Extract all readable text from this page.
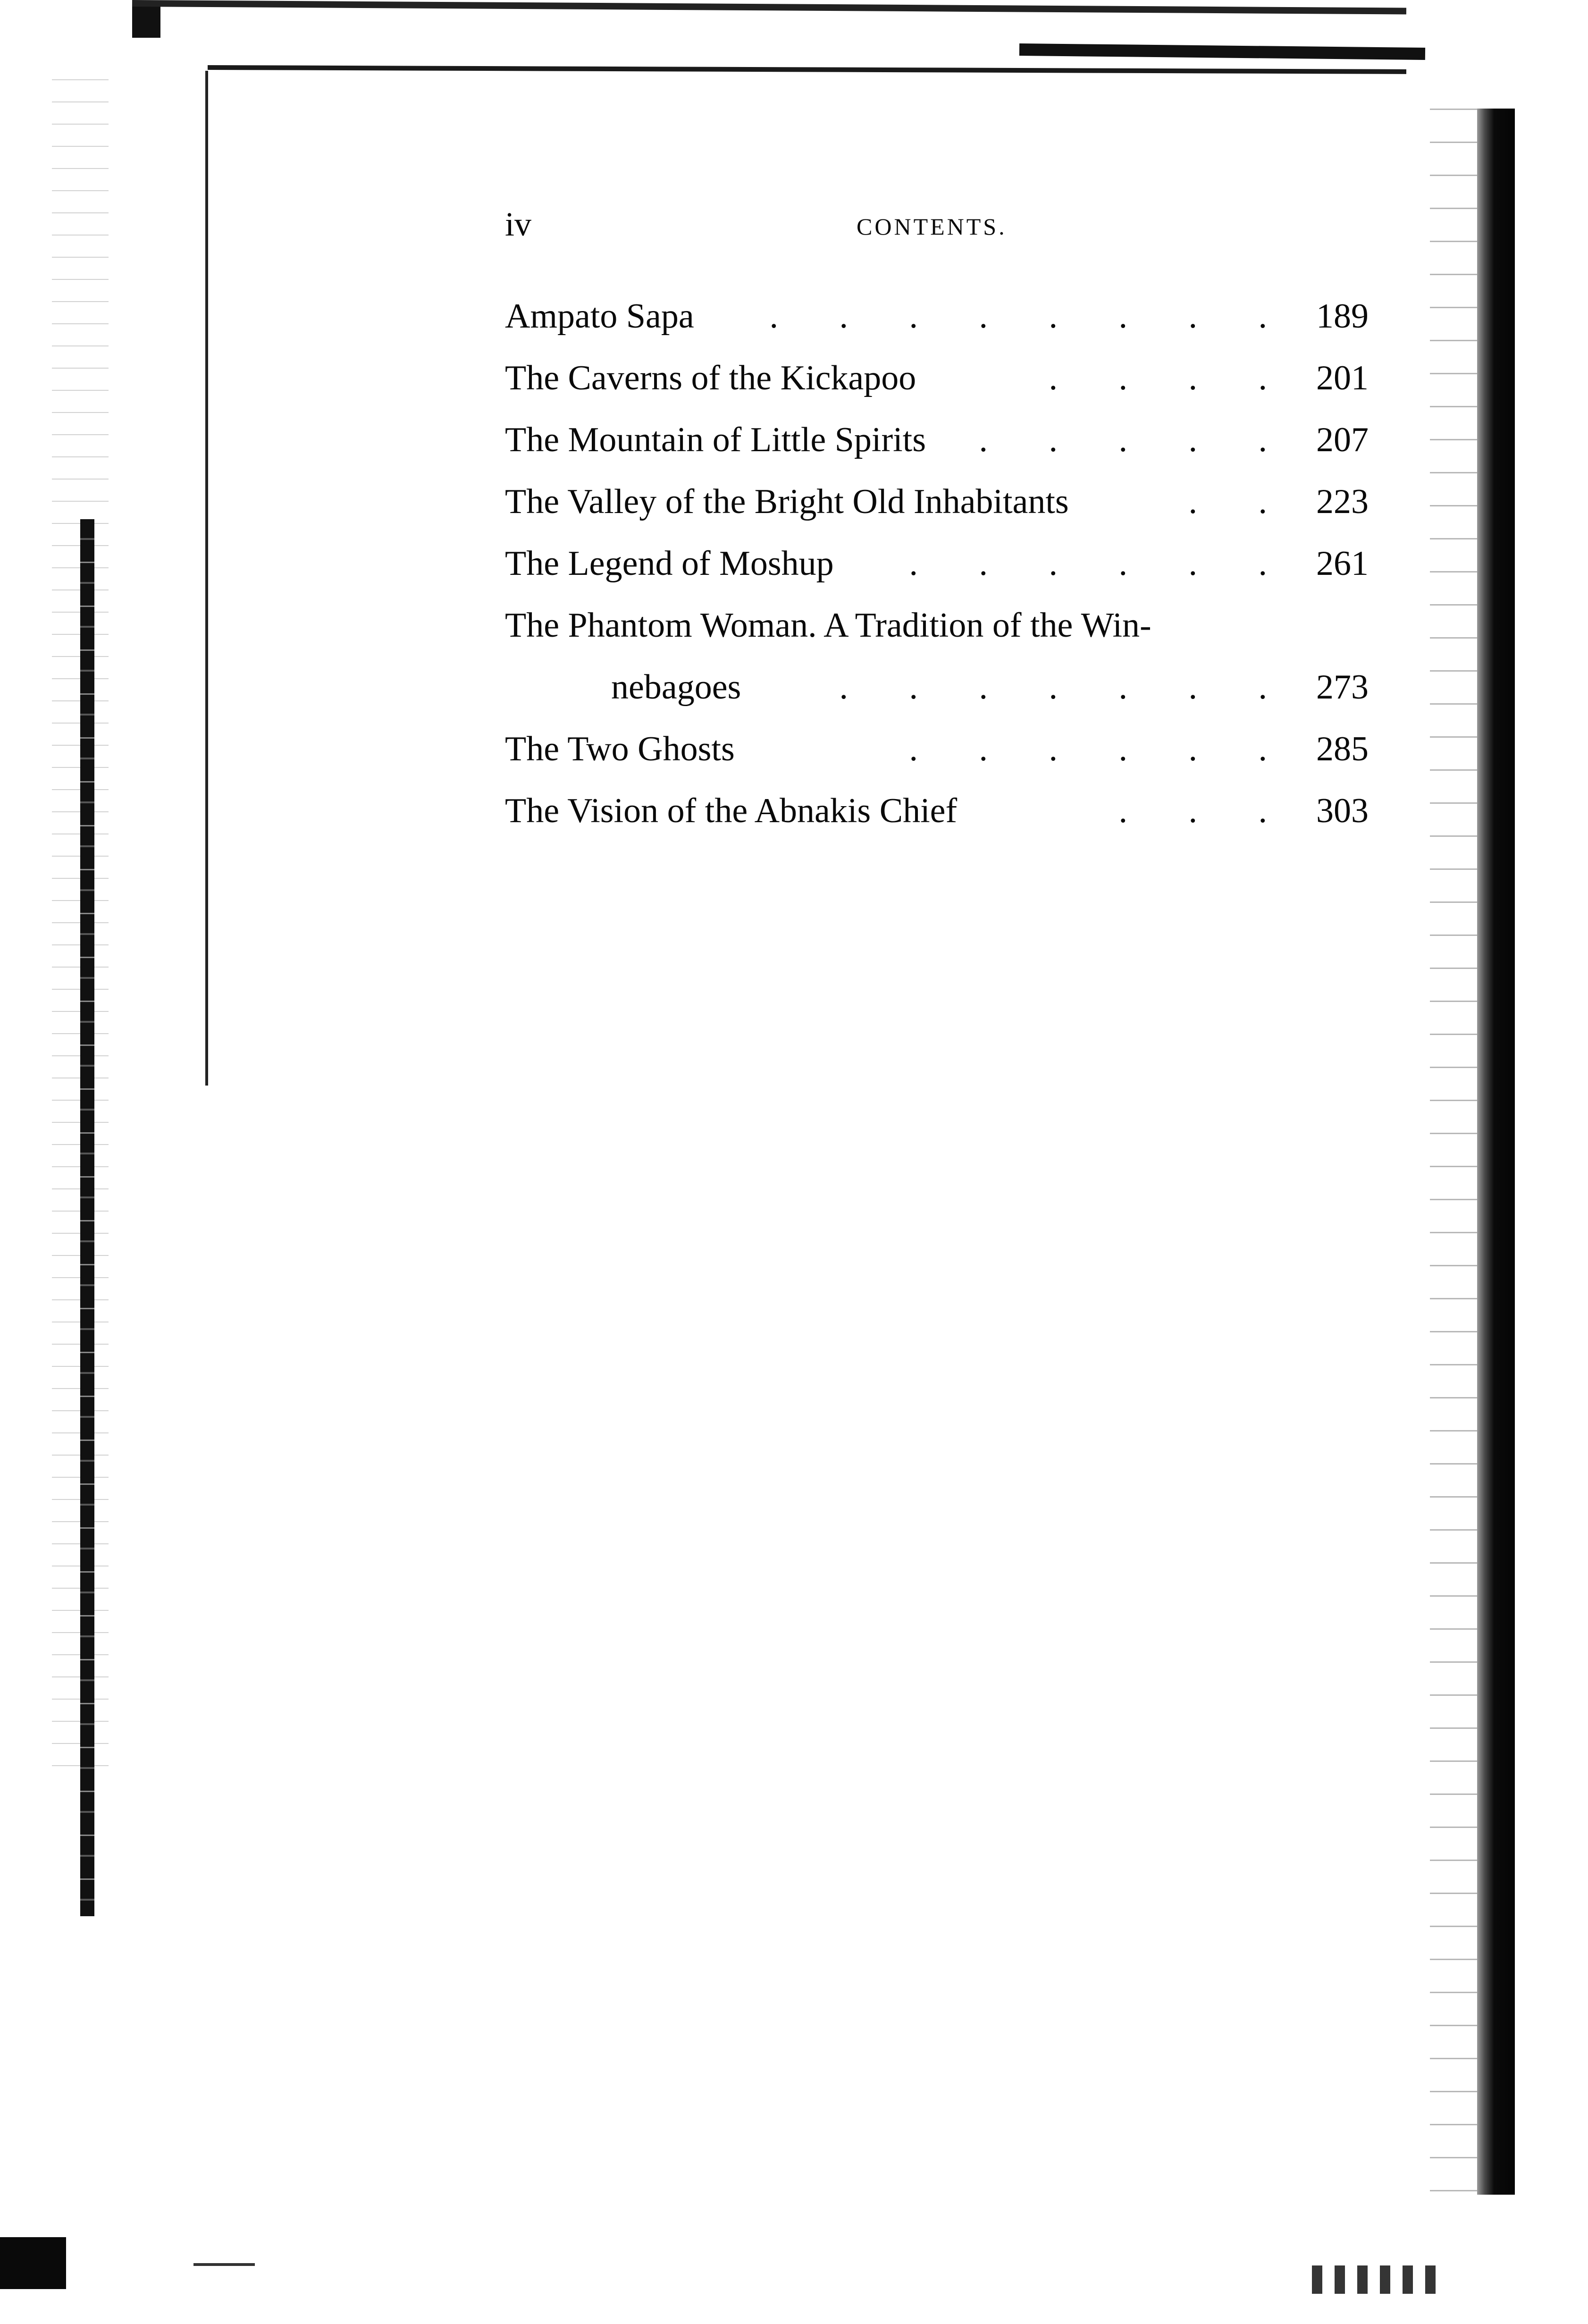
iv	CONTENTS.
Ampato Sapa .       .       .       .       .       .       .       . 189
The Caverns of the Kickapoo	.       .       .       . 201
The Mountain of Little Spirits .       .       .       .       . 207
The Valley of the Bright Old Inhabitants	.       . 223
The Legend of Moshup .       .       .       .       .       . 261
The Phantom Woman. A Tradition of the Win-
nebagoes	.       .       .       .       .       .       . 273
The Two Ghosts	.       .       .       .       .       . 285
The Vision of the Abnakis Chief	.       .       . 303
